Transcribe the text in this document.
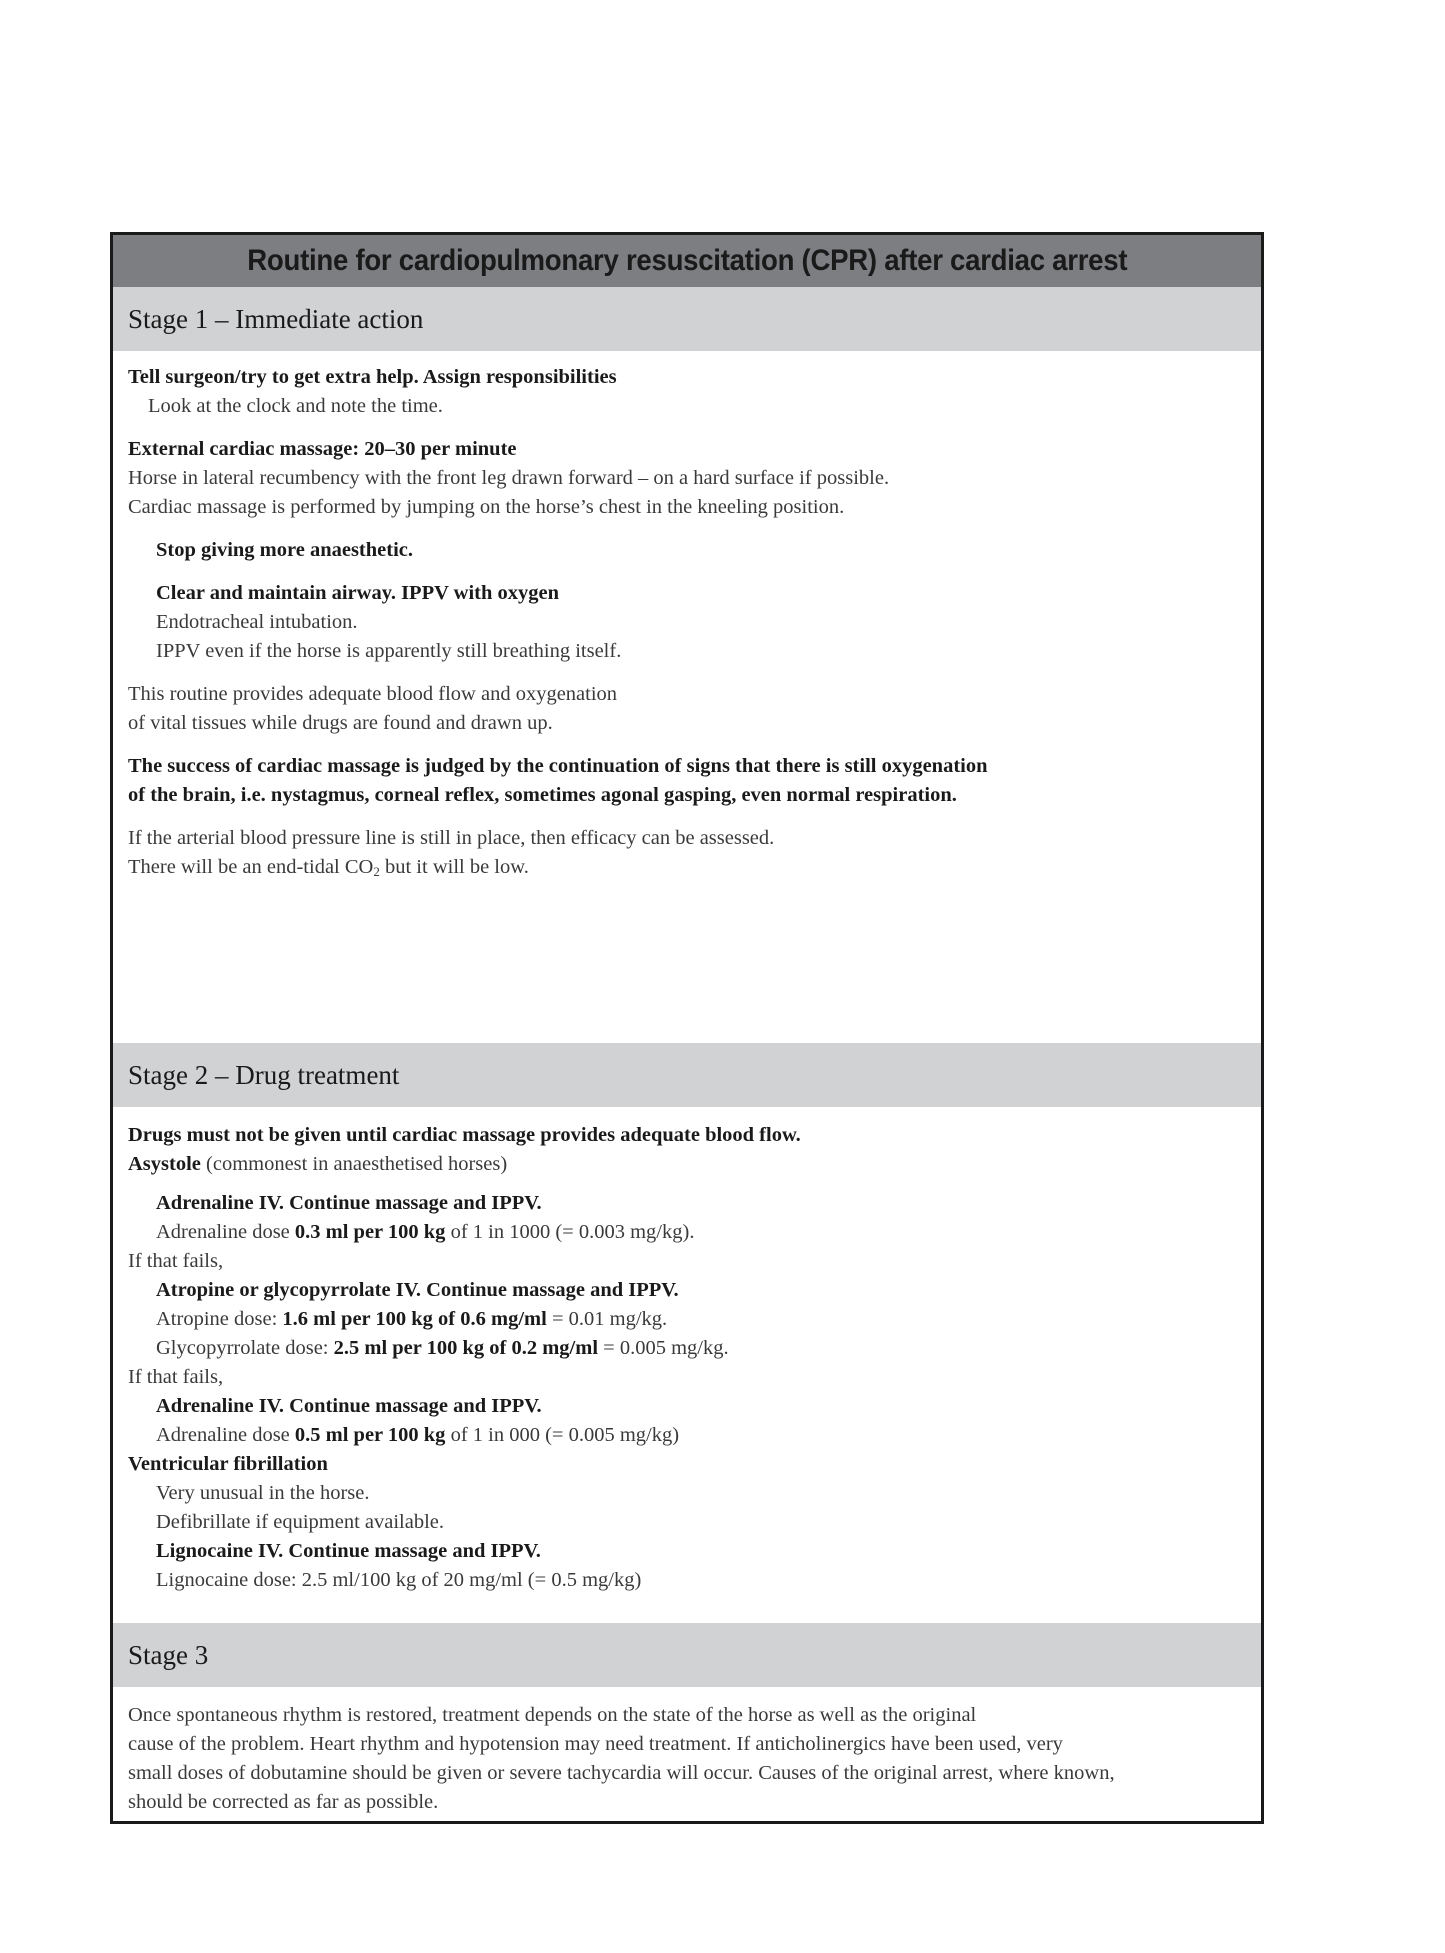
Routine for cardiopulmonary resuscitation (CPR) after cardiac arrest
Stage 1 – Immediate action
Tell surgeon/try to get extra help. Assign responsibilities
Look at the clock and note the time.
External cardiac massage: 20–30 per minute
Horse in lateral recumbency with the front leg drawn forward – on a hard surface if possible.
Cardiac massage is performed by jumping on the horse’s chest in the kneeling position.
Stop giving more anaesthetic.
Clear and maintain airway. IPPV with oxygen
Endotracheal intubation.
IPPV even if the horse is apparently still breathing itself.
This routine provides adequate blood flow and oxygenation
of vital tissues while drugs are found and drawn up.
The success of cardiac massage is judged by the continuation of signs that there is still oxygenation
of the brain, i.e. nystagmus, corneal reflex, sometimes agonal gasping, even normal respiration.
If the arterial blood pressure line is still in place, then efficacy can be assessed.
There will be an end-tidal $CO_2$ but it will be low.
Stage 2 – Drug treatment
Drugs must not be given until cardiac massage provides adequate blood flow.
Asystole (commonest in anaesthetised horses)
Adrenaline IV. Continue massage and IPPV.
Adrenaline dose 0.3 ml per 100 kg of 1 in 1000 (= 0.003 mg/kg).
If that fails,
Atropine or glycopyrrolate IV. Continue massage and IPPV.
Atropine dose: 1.6 ml per 100 kg of 0.6 mg/ml = 0.01 mg/kg.
Glycopyrrolate dose: 2.5 ml per 100 kg of 0.2 mg/ml = 0.005 mg/kg.
If that fails,
Adrenaline IV. Continue massage and IPPV.
Adrenaline dose 0.5 ml per 100 kg of 1 in 000 (= 0.005 mg/kg)
Ventricular fibrillation
Very unusual in the horse.
Defibrillate if equipment available.
Lignocaine IV. Continue massage and IPPV.
Lignocaine dose: 2.5 ml/100 kg of 20 mg/ml (= 0.5 mg/kg)
Stage 3
Once spontaneous rhythm is restored, treatment depends on the state of the horse as well as the original
cause of the problem. Heart rhythm and hypotension may need treatment. If anticholinergics have been used, very
small doses of dobutamine should be given or severe tachycardia will occur. Causes of the original arrest, where known,
should be corrected as far as possible.
